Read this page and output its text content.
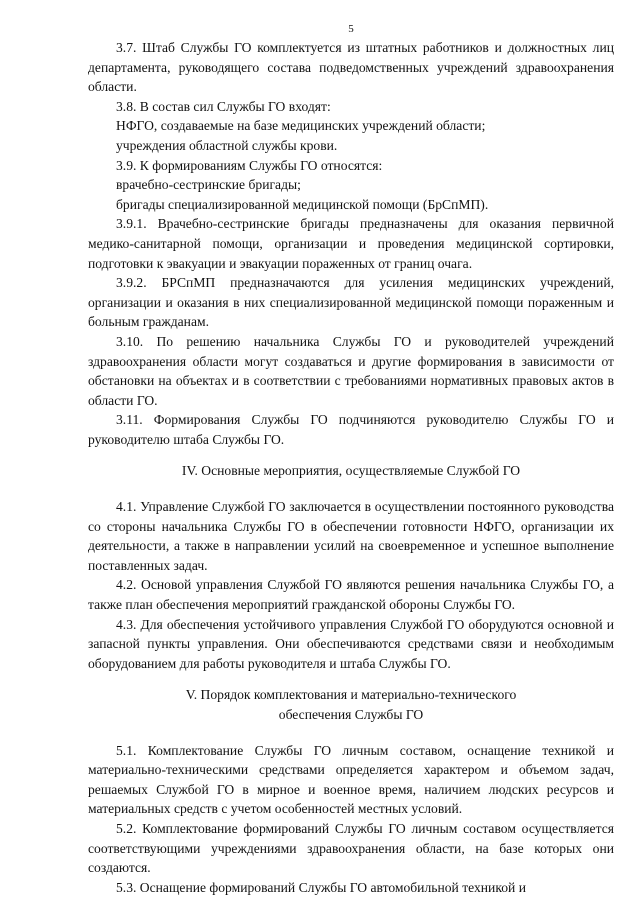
5

3.7. Штаб Службы ГО комплектуется из штатных работников и должностных лиц департамента, руководящего состава подведомственных учреждений здравоохранения области.

3.8. В состав сил Службы ГО входят:

НФГО, создаваемые на базе медицинских учреждений области;

учреждения областной службы крови.

3.9. К формированиям Службы ГО относятся:

врачебно-сестринские бригады;

бригады специализированной медицинской помощи (БрСпМП).

3.9.1. Врачебно-сестринские бригады предназначены для оказания первичной медико-санитарной помощи, организации и проведения медицинской сортировки, подготовки к эвакуации и эвакуации пораженных от границ очага.

3.9.2. БРСпМП предназначаются для усиления медицинских учреждений, организации и оказания в них специализированной медицинской помощи пораженным и больным гражданам.

3.10. По решению начальника Службы ГО и руководителей учреждений здравоохранения области могут создаваться и другие формирования в зависимости от обстановки на объектах и в соответствии с требованиями нормативных правовых актов в области ГО.

3.11. Формирования Службы ГО подчиняются руководителю Службы ГО и руководителю штаба Службы ГО.

IV. Основные мероприятия, осуществляемые Службой ГО

4.1. Управление Службой ГО заключается в осуществлении постоянного руководства со стороны начальника Службы ГО в обеспечении готовности НФГО, организации их деятельности, а также в направлении усилий на своевременное и успешное выполнение поставленных задач.

4.2. Основой управления Службой ГО являются решения начальника Службы ГО, а также план обеспечения мероприятий гражданской обороны Службы ГО.

4.3. Для обеспечения устойчивого управления Службой ГО оборудуются основной и запасной пункты управления. Они обеспечиваются средствами связи и необходимым оборудованием для работы руководителя и штаба Службы ГО.

V. Порядок комплектования и материально-технического обеспечения Службы ГО

5.1. Комплектование Службы ГО личным составом, оснащение техникой и материально-техническими средствами определяется характером и объемом задач, решаемых Службой ГО в мирное и военное время, наличием людских ресурсов и материальных средств с учетом особенностей местных условий.

5.2. Комплектование формирований Службы ГО личным составом осуществляется соответствующими учреждениями здравоохранения области, на базе которых они создаются.

5.3. Оснащение формирований Службы ГО автомобильной техникой и
